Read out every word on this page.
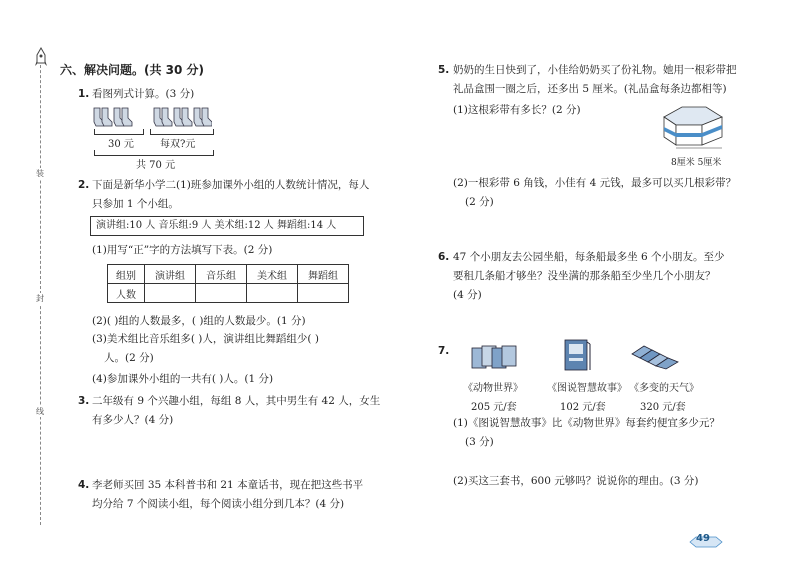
装
封
线
六、解决问题。(共 30 分)
1. 看图列式计算。(3 分)
30 元	每双?元
共 70 元
2. 下面是新华小学二(1)班参加课外小组的人数统计情况，每人
只参加 1 个小组。
演讲组:10 人 音乐组:9 人 美术组:12 人 舞蹈组:14 人
(1)用写“正”字的方法填写下表。(2 分)
组别	演讲组	音乐组	美术组	舞蹈组
人数				
(2)( )组的人数最多，( )组的人数最少。(1 分)
(3)美术组比音乐组多( )人，演讲组比舞蹈组少( )
人。(2 分)
(4)参加课外小组的一共有( )人。(1 分)
3. 二年级有 9 个兴趣小组，每组 8 人，其中男生有 42 人，女生
有多少人？(4 分)
4. 李老师买回 35 本科普书和 21 本童话书，现在把这些书平
均分给 7 个阅读小组，每个阅读小组分到几本？(4 分)
5. 奶奶的生日快到了，小佳给奶奶买了份礼物。她用一根彩带把
礼品盒围一圈之后，还多出 5 厘米。(礼品盒每条边都相等)
(1)这根彩带有多长？(2 分)
8厘米 5厘米
(2)一根彩带 6 角钱，小佳有 4 元钱，最多可以买几根彩带？
(2 分)
6. 47 个小朋友去公园坐船，每条船最多坐 6 个小朋友。至少
要租几条船才够坐？没坐满的那条船至少坐几个小朋友？
(4 分)
7.
《动物世界》 《图说智慧故事》 《多变的天气》
205 元/套	102 元/套	320 元/套
(1)《图说智慧故事》比《动物世界》每套约便宜多少元？
(3 分)
(2)买这三套书，600 元够吗？说说你的理由。(3 分)
49
